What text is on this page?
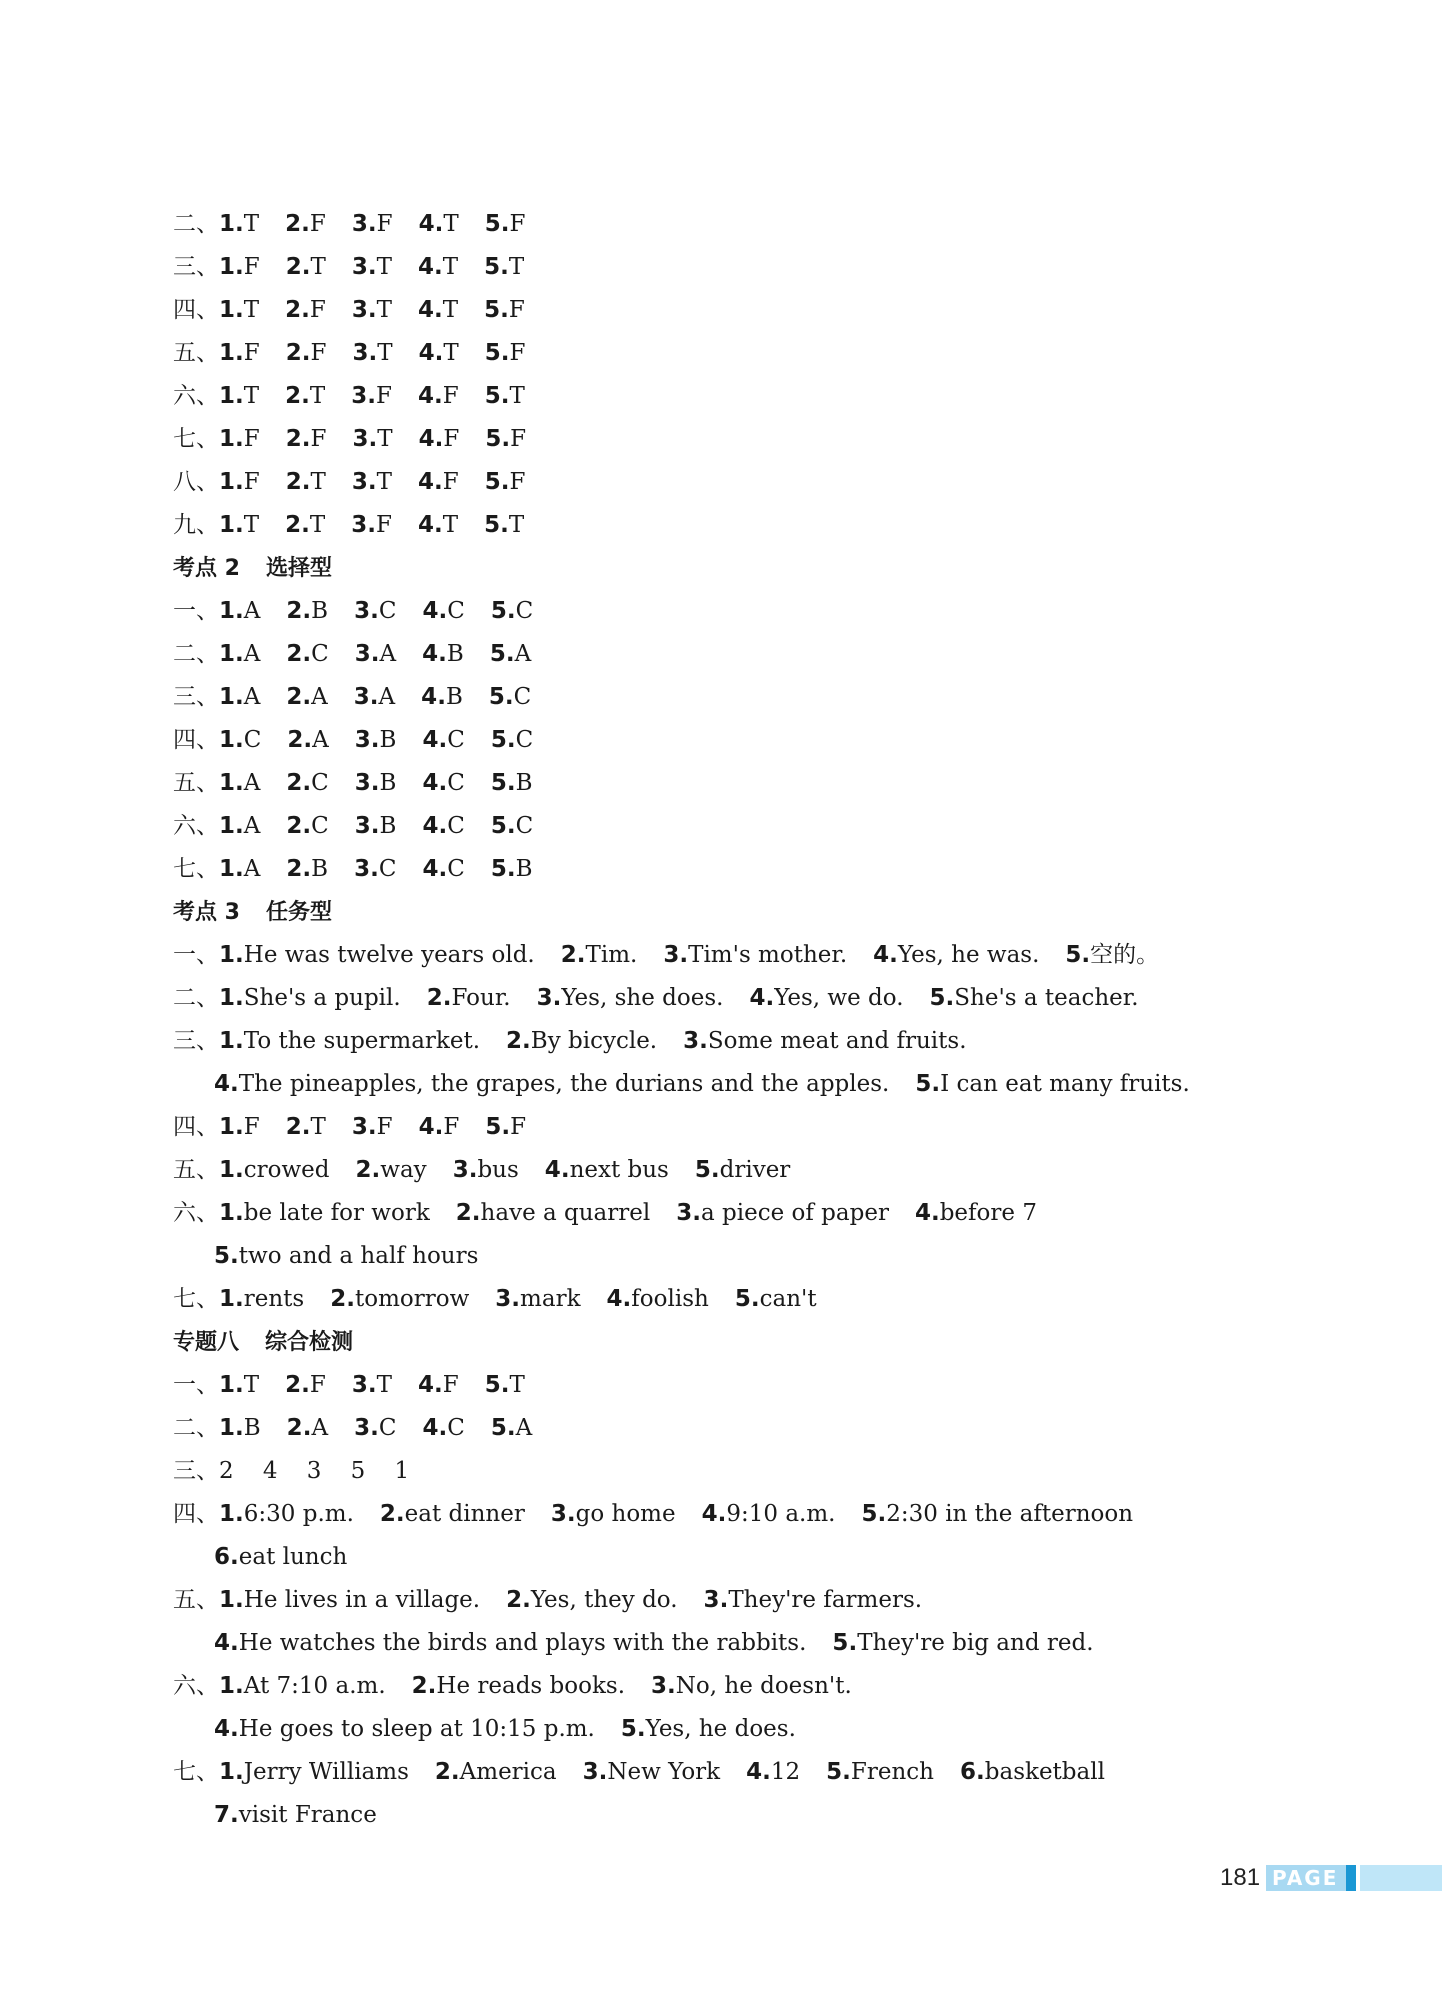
二、1.T 2.F 3.F 4.T 5.F
三、1.F 2.T 3.T 4.T 5.T
四、1.T 2.F 3.T 4.T 5.F
五、1.F 2.F 3.T 4.T 5.F
六、1.T 2.T 3.F 4.F 5.T
七、1.F 2.F 3.T 4.F 5.F
八、1.F 2.T 3.T 4.F 5.F
九、1.T 2.T 3.F 4.T 5.T
考点 2 选择型
一、1.A 2.B 3.C 4.C 5.C
二、1.A 2.C 3.A 4.B 5.A
三、1.A 2.A 3.A 4.B 5.C
四、1.C 2.A 3.B 4.C 5.C
五、1.A 2.C 3.B 4.C 5.B
六、1.A 2.C 3.B 4.C 5.C
七、1.A 2.B 3.C 4.C 5.B
考点 3 任务型
一、1.He was twelve years old. 2.Tim. 3.Tim's mother. 4.Yes, he was. 5.空的。
二、1.She's a pupil. 2.Four. 3.Yes, she does. 4.Yes, we do. 5.She's a teacher.
三、1.To the supermarket. 2.By bicycle. 3.Some meat and fruits.
4.The pineapples, the grapes, the durians and the apples. 5.I can eat many fruits.
四、1.F 2.T 3.F 4.F 5.F
五、1.crowed 2.way 3.bus 4.next bus 5.driver
六、1.be late for work 2.have a quarrel 3.a piece of paper 4.before 7
5.two and a half hours
七、1.rents 2.tomorrow 3.mark 4.foolish 5.can't
专题八 综合检测
一、1.T 2.F 3.T 4.F 5.T
二、1.B 2.A 3.C 4.C 5.A
三、2    4    3    5    1
四、1.6:30 p.m. 2.eat dinner 3.go home 4.9:10 a.m. 5.2:30 in the afternoon
6.eat lunch
五、1.He lives in a village. 2.Yes, they do. 3.They're farmers.
4.He watches the birds and plays with the rabbits. 5.They're big and red.
六、1.At 7:10 a.m. 2.He reads books. 3.No, he doesn't.
4.He goes to sleep at 10:15 p.m. 5.Yes, he does.
七、1.Jerry Williams 2.America 3.New York 4.12 5.French 6.basketball
7.visit France
181 PAGE
